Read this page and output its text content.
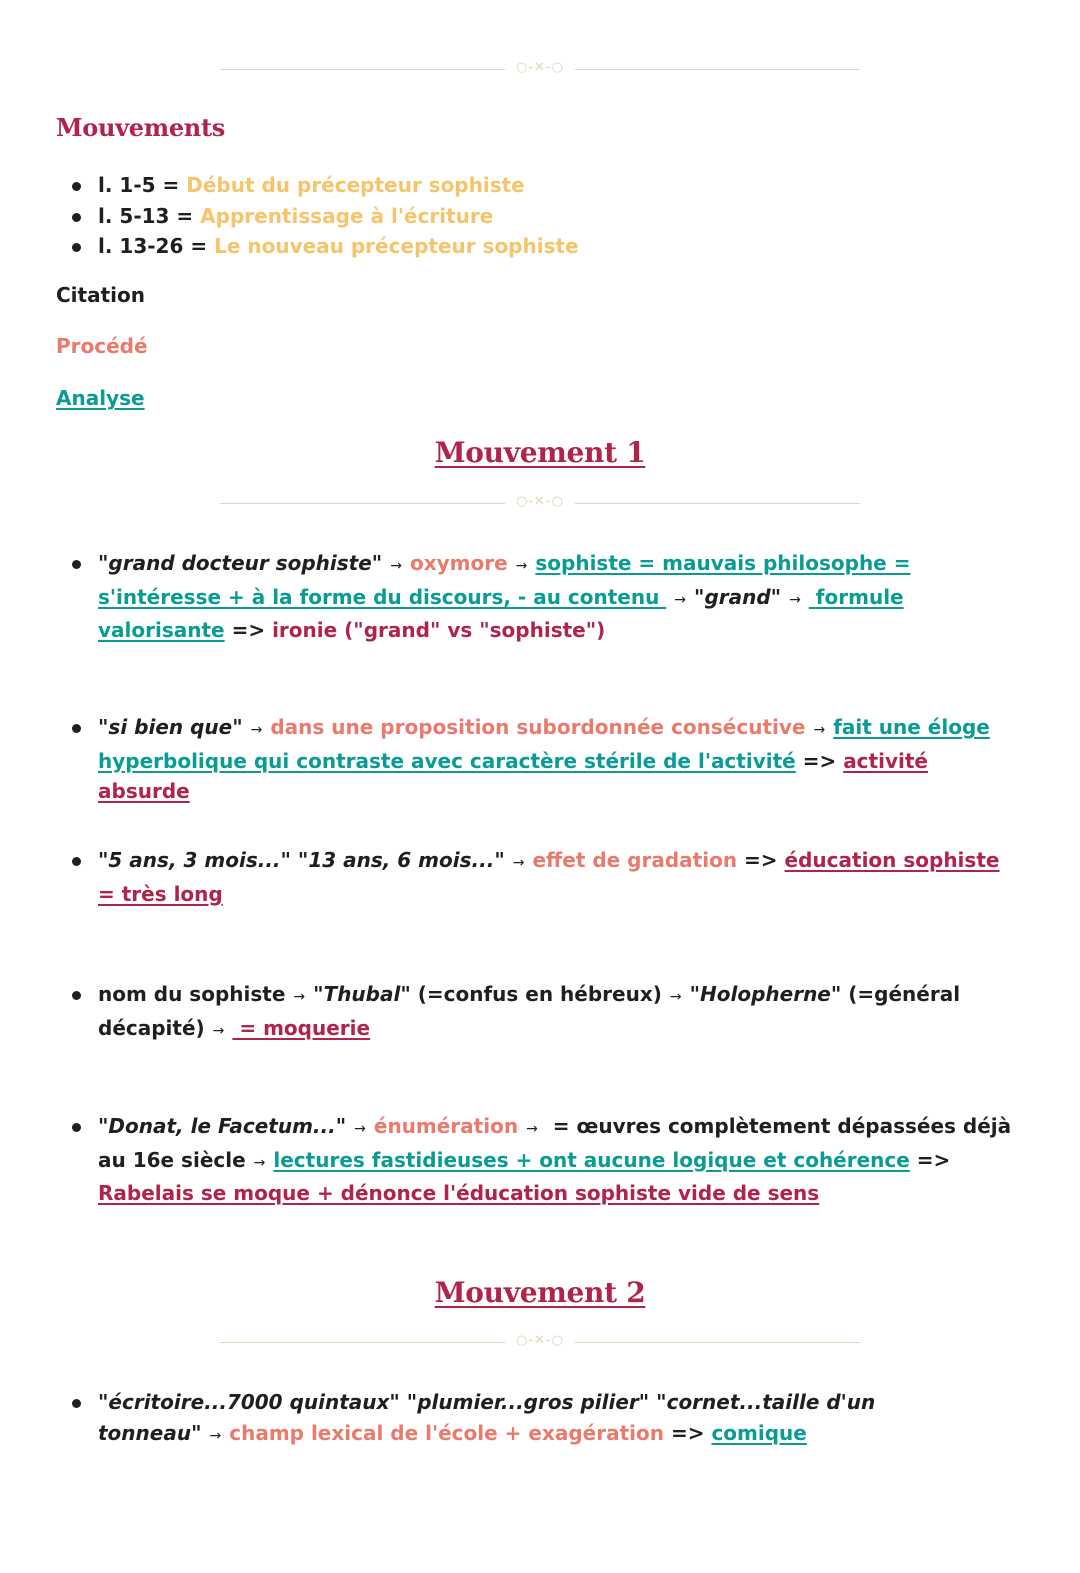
○-✕-○
Mouvements
l. 1-5 = Début du précepteur sophiste
l. 5-13 = Apprentissage à l'écriture
l. 13-26 = Le nouveau précepteur sophiste
Citation
Procédé
Analyse
Mouvement 1
○-✕-○
"grand docteur sophiste" → oxymore → sophiste = mauvais philosophe = s'intéresse + à la forme du discours, - au contenu → "grand" → formule valorisante => ironie ("grand" vs "sophiste")
"si bien que" → dans une proposition subordonnée consécutive → fait une éloge hyperbolique qui contraste avec caractère stérile de l'activité => activité absurde
"5 ans, 3 mois..." "13 ans, 6 mois..." → effet de gradation => éducation sophiste = très long
nom du sophiste → "Thubal" (=confus en hébreux) → "Holopherne" (=général décapité) → = moquerie
"Donat, le Facetum..." → énumération → = œuvres complètement dépassées déjà au 16e siècle → lectures fastidieuses + ont aucune logique et cohérence => Rabelais se moque + dénonce l'éducation sophiste vide de sens
Mouvement 2
○-✕-○
"écritoire...7000 quintaux" "plumier...gros pilier" "cornet...taille d'un tonneau" → champ lexical de l'école + exagération => comique
